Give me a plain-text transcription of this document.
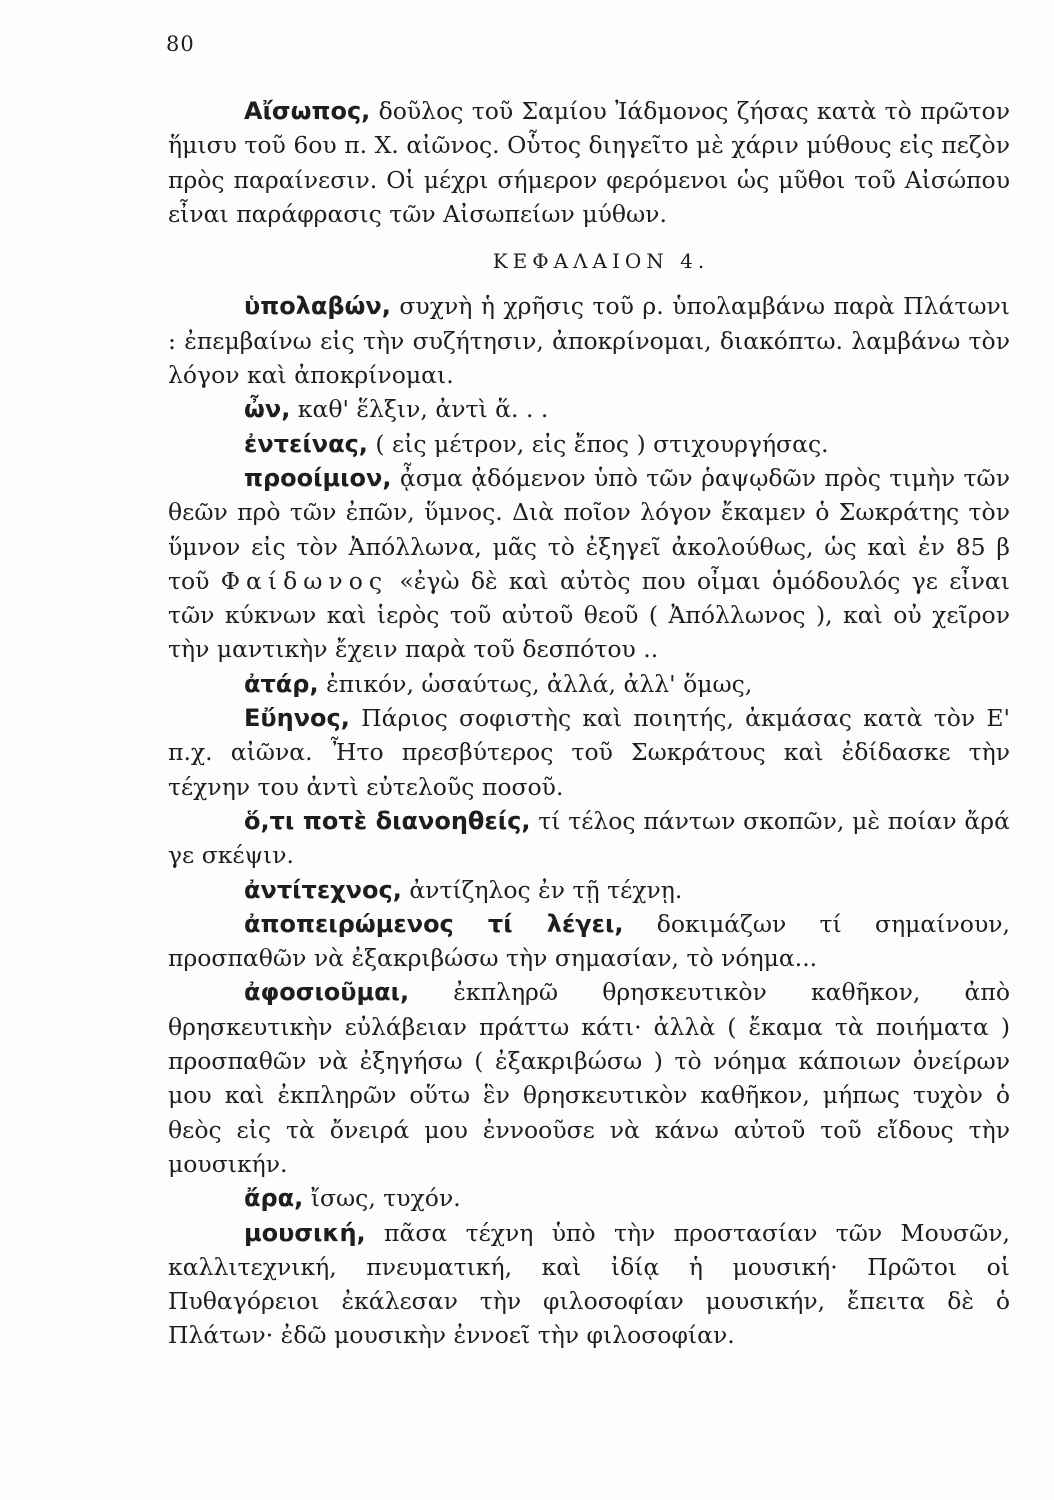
80

Αἴσωπος, δοῦλος τοῦ Σαμίου Ἰάδμονος ζήσας κατὰ τὸ πρῶτον ἥμισυ τοῦ 6ου π. Χ. αἰῶνος. Οὗτος διηγεῖτο μὲ χάριν μύθους εἰς πεζὸν πρὸς παραίνεσιν. Οἱ μέχρι σήμερον φερόμενοι ὡς μῦθοι τοῦ Αἰσώπου εἶναι παράφρασις τῶν Αἰσωπείων μύθων.

ΚΕΦΑΛΑΙΟΝ 4.

ὑπολαβών, συχνὴ ἡ χρῆσις τοῦ ρ. ὑπολαμβάνω παρὰ Πλάτωνι : ἐπεμβαίνω εἰς τὴν συζήτησιν, ἀποκρίνομαι, διακόπτω. λαμβάνω τὸν λόγον καὶ ἀποκρίνομαι.

ὦν, καθ' ἕλξιν, ἀντὶ ἅ. . .

ἐντείνας, ( εἰς μέτρον, εἰς ἔπος ) στιχουργήσας.

προοίμιον, ᾆσμα ᾀδόμενον ὑπὸ τῶν ῥαψῳδῶν πρὸς τιμὴν τῶν θεῶν πρὸ τῶν ἐπῶν, ὕμνος. Διὰ ποῖον λόγον ἔκαμεν ὁ Σωκράτης τὸν ὕμνον εἰς τὸν Ἀπόλλωνα, μᾶς τὸ ἐξηγεῖ ἀκολούθως, ὡς καὶ ἐν 85 β τοῦ Φαίδωνος «ἐγὼ δὲ καὶ αὐτὸς που οἶμαι ὁμόδουλός γε εἶναι τῶν κύκνων καὶ ἱερὸς τοῦ αὐτοῦ θεοῦ ( Ἀπόλλωνος ), καὶ οὐ χεῖρον τὴν μαντικὴν ἔχειν παρὰ τοῦ δεσπότου ..

ἀτάρ, ἐπικόν, ὡσαύτως, ἀλλά, ἀλλ' ὅμως,

Εὔηνος, Πάριος σοφιστὴς καὶ ποιητής, ἀκμάσας κατὰ τὸν Ε' π.χ. αἰῶνα. Ἦτο πρεσβύτερος τοῦ Σωκράτους καὶ ἐδίδασκε τὴν τέχνην του ἀντὶ εὐτελοῦς ποσοῦ.

ὅ,τι ποτὲ διανοηθείς, τί τέλος πάντων σκοπῶν, μὲ ποίαν ἄρά γε σκέψιν.

ἀντίτεχνος, ἀντίζηλος ἐν τῇ τέχνῃ.

ἀποπειρώμενος τί λέγει, δοκιμάζων τί σημαίνουν, προσπαθῶν νὰ ἐξακριβώσω τὴν σημασίαν, τὸ νόημα...

ἀφοσιοῦμαι, ἐκπληρῶ θρησκευτικὸν καθῆκον, ἀπὸ θρησκευτικὴν εὐλάβειαν πράττω κάτι· ἀλλὰ ( ἔκαμα τὰ ποιήματα ) προσπαθῶν νὰ ἐξηγήσω ( ἐξακριβώσω ) τὸ νόημα κάποιων ὀνείρων μου καὶ ἐκπληρῶν οὕτω ἓν θρησκευτικὸν καθῆκον, μήπως τυχὸν ὁ θεὸς εἰς τὰ ὄνειρά μου ἐννοοῦσε νὰ κάνω αὐτοῦ τοῦ εἴδους τὴν μουσικήν.

ἄρα, ἴσως, τυχόν.

μουσική, πᾶσα τέχνη ὑπὸ τὴν προστασίαν τῶν Μουσῶν, καλλιτεχνική, πνευματική, καὶ ἰδίᾳ ἡ μουσική· Πρῶτοι οἱ Πυθαγόρειοι ἐκάλεσαν τὴν φιλοσοφίαν μουσικήν, ἔπειτα δὲ ὁ Πλάτων· ἐδῶ μουσικὴν ἐννοεῖ τὴν φιλοσοφίαν.
